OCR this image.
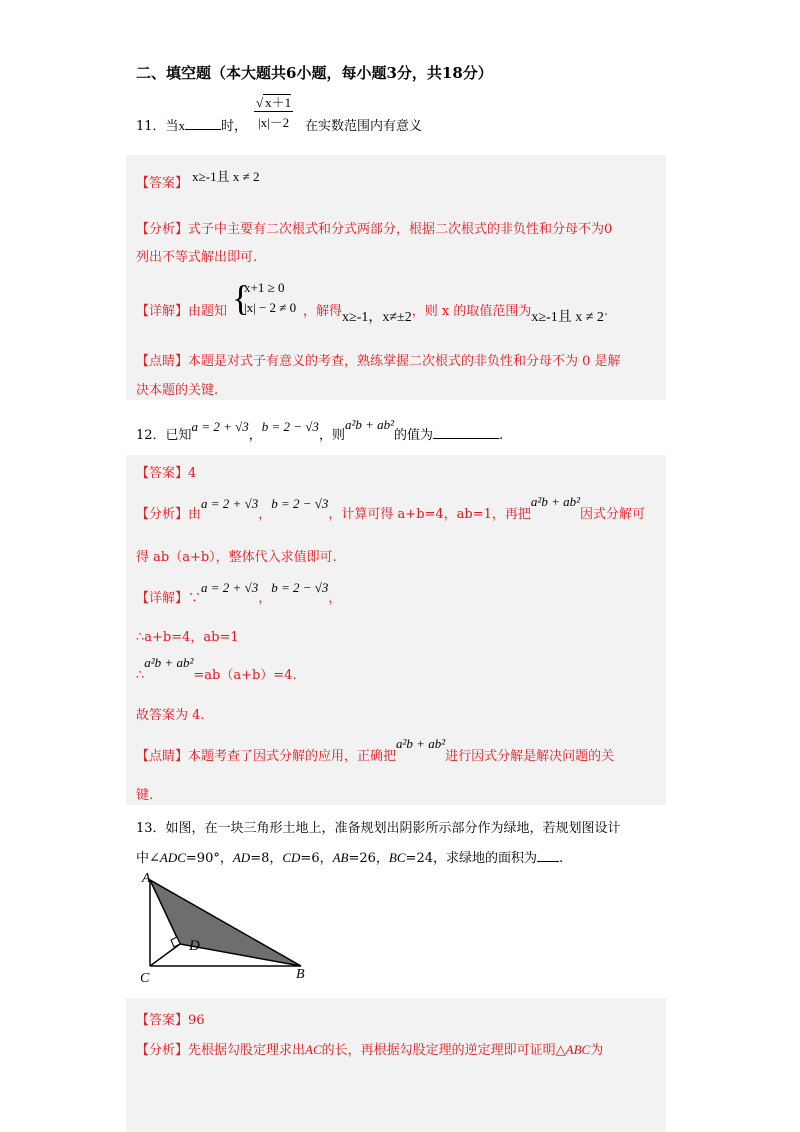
二、填空题（本大题共6小题，每小题3分，共18分）
11．当x	时， $\frac{√ x+1}{|x|-2}$ 在实数范围内有意义
【答案】 x≥-1且 x ≠ 2
【分析】式子中主要有二次根式和分式两部分，根据二次根式的非负性和分母不为0
列出不等式解出即可.
【详解】由题知 {
x+1 ≥ 0
|x| − 2 ≠ 0 ，解得x≥-1，x≠±2，则 x 的取值范围为x≥-1且 x ≠ 2.
【点睛】本题是对式子有意义的考查，熟练掌握二次根式的非负性和分母不为 0 是解
决本题的关键.
12．已知a = 2 + √3，b = 2 − √3，则a²b + ab²的值为	.
【答案】4
【分析】由a = 2 + √3，b = 2 − √3，计算可得 a+b=4，ab=1，再把a²b + ab²因式分解可
得 ab（a+b），整体代入求值即可.
【详解】∵a = 2 + √3，b = 2 − √3，
∴a+b=4，ab=1
∴a²b + ab²=ab（a+b）=4.
故答案为 4.
【点睛】本题考查了因式分解的应用，正确把a²b + ab²进行因式分解是解决问题的关
键.
13．如图，在一块三角形土地上，准备规划出阴影所示部分作为绿地，若规划图设计
中∠ADC=90°，AD=8，CD=6，AB=26，BC=24，求绿地的面积为 .
A
D
C	B
【答案】96
【分析】先根据勾股定理求出AC的长，再根据勾股定理的逆定理即可证明△ABC为
